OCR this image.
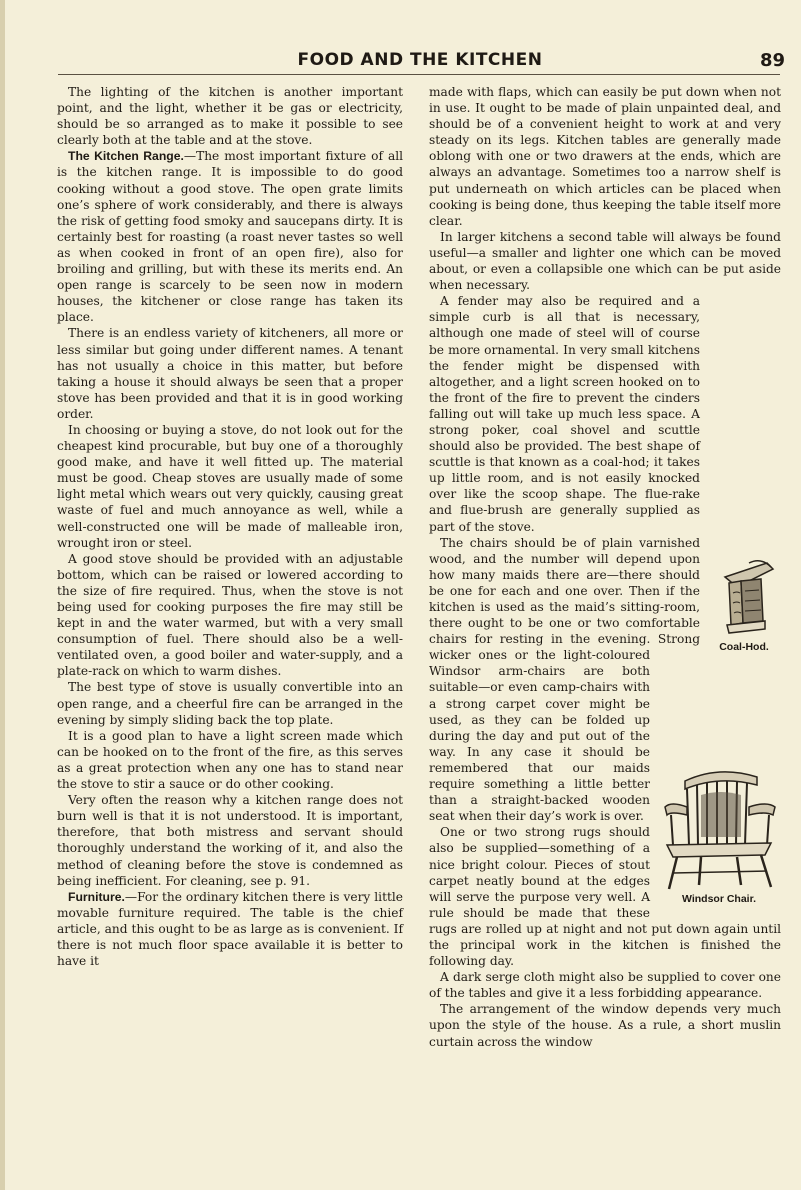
FOOD AND THE KITCHEN	89

The lighting of the kitchen is another important point, and the light, whether it be gas or electricity, should be so arranged as to make it possible to see clearly both at the table and at the stove.

The Kitchen Range.—The most important fixture of all is the kitchen range. It is impossible to do good cooking without a good stove. The open grate limits one’s sphere of work considerably, and there is always the risk of getting food smoky and saucepans dirty. It is certainly best for roasting (a roast never tastes so well as when cooked in front of an open fire), also for broiling and grilling, but with these its merits end. An open range is scarcely to be seen now in modern houses, the kitchener or close range has taken its place.

There is an endless variety of kitcheners, all more or less similar but going under different names. A tenant has not usually a choice in this matter, but before taking a house it should always be seen that a proper stove has been provided and that it is in good working order.

In choosing or buying a stove, do not look out for the cheapest kind procurable, but buy one of a thoroughly good make, and have it well fitted up. The material must be good. Cheap stoves are usually made of some light metal which wears out very quickly, causing great waste of fuel and much annoyance as well, while a well-constructed one will be made of malleable iron, wrought iron or steel.

A good stove should be provided with an adjustable bottom, which can be raised or lowered according to the size of fire required. Thus, when the stove is not being used for cooking purposes the fire may still be kept in and the water warmed, but with a very small consumption of fuel. There should also be a well-ventilated oven, a good boiler and water-supply, and a plate-rack on which to warm dishes.

The best type of stove is usually convertible into an open range, and a cheerful fire can be arranged in the evening by simply sliding back the top plate.

It is a good plan to have a light screen made which can be hooked on to the front of the fire, as this serves as a great protection when any one has to stand near the stove to stir a sauce or do other cooking.

Very often the reason why a kitchen range does not burn well is that it is not understood. It is important, therefore, that both mistress and servant should thoroughly understand the working of it, and also the method of cleaning before the stove is condemned as being inefficient. For cleaning, see p. 91.

Furniture.—For the ordinary kitchen there is very little movable furniture required. The table is the chief article, and this ought to be as large as is convenient. If there is not much floor space available it is better to have it

made with flaps, which can easily be put down when not in use. It ought to be made of plain unpainted deal, and should be of a convenient height to work at and very steady on its legs. Kitchen tables are generally made oblong with one or two drawers at the ends, which are always an advantage. Sometimes too a narrow shelf is put underneath on which articles can be placed when cooking is being done, thus keeping the table itself more clear.

In larger kitchens a second table will always be found useful—a smaller and lighter one which can be moved about, or even a collapsible one which can be put aside when necessary.

Coal-Hod.

A fender may also be required and a simple curb is all that is necessary, although one made of steel will of course be more ornamental. In very small kitchens the fender might be dispensed with altogether, and a light screen hooked on to the front of the fire to prevent the cinders falling out will take up much less space. A strong poker, coal shovel and scuttle should also be provided. The best shape of scuttle is that known as a coal-hod; it takes up little room, and is not easily knocked over like the scoop shape. The flue-rake and flue-brush are generally supplied as part of the stove.

Windsor Chair.

The chairs should be of plain varnished wood, and the number will depend upon how many maids there are—there should be one for each and one over. Then if the kitchen is used as the maid’s sitting-room, there ought to be one or two comfortable chairs for resting in the evening. Strong wicker ones or the light-coloured Windsor arm-chairs are both suitable—or even camp-chairs with a strong carpet cover might be used, as they can be folded up during the day and put out of the way. In any case it should be remembered that our maids require something a little better than a straight-backed wooden seat when their day’s work is over.

One or two strong rugs should also be supplied—something of a nice bright colour. Pieces of stout carpet neatly bound at the edges will serve the purpose very well. A rule should be made that these rugs are rolled up at night and not put down again until the principal work in the kitchen is finished the following day.

A dark serge cloth might also be supplied to cover one of the tables and give it a less forbidding appearance.

The arrangement of the window depends very much upon the style of the house. As a rule, a short muslin curtain across the window
